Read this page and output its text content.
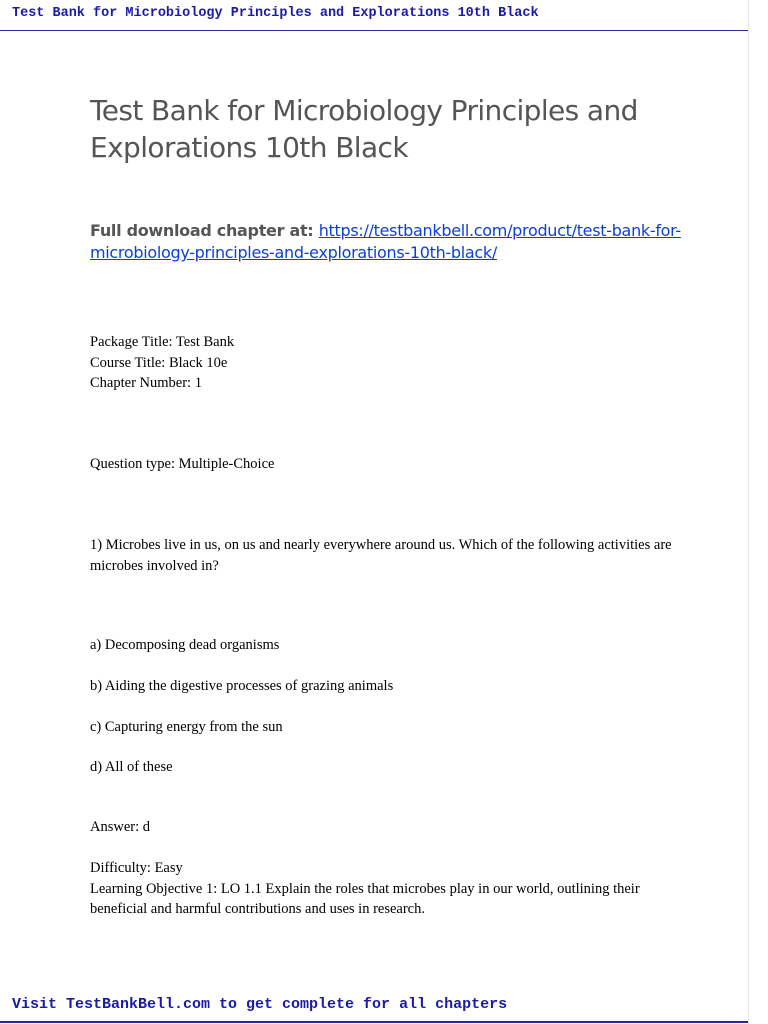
Test Bank for Microbiology Principles and Explorations 10th Black
Test Bank for Microbiology Principles and Explorations 10th Black
Full download chapter at: https://testbankbell.com/product/test-bank-for-microbiology-principles-and-explorations-10th-black/
Package Title: Test Bank
Course Title: Black 10e
Chapter Number: 1
Question type: Multiple-Choice
1) Microbes live in us, on us and nearly everywhere around us. Which of the following activities are microbes involved in?
a) Decomposing dead organisms
b) Aiding the digestive processes of grazing animals
c) Capturing energy from the sun
d) All of these
Answer: d
Difficulty: Easy
Learning Objective 1: LO 1.1 Explain the roles that microbes play in our world, outlining their beneficial and harmful contributions and uses in research.
Visit TestBankBell.com to get complete for all chapters
